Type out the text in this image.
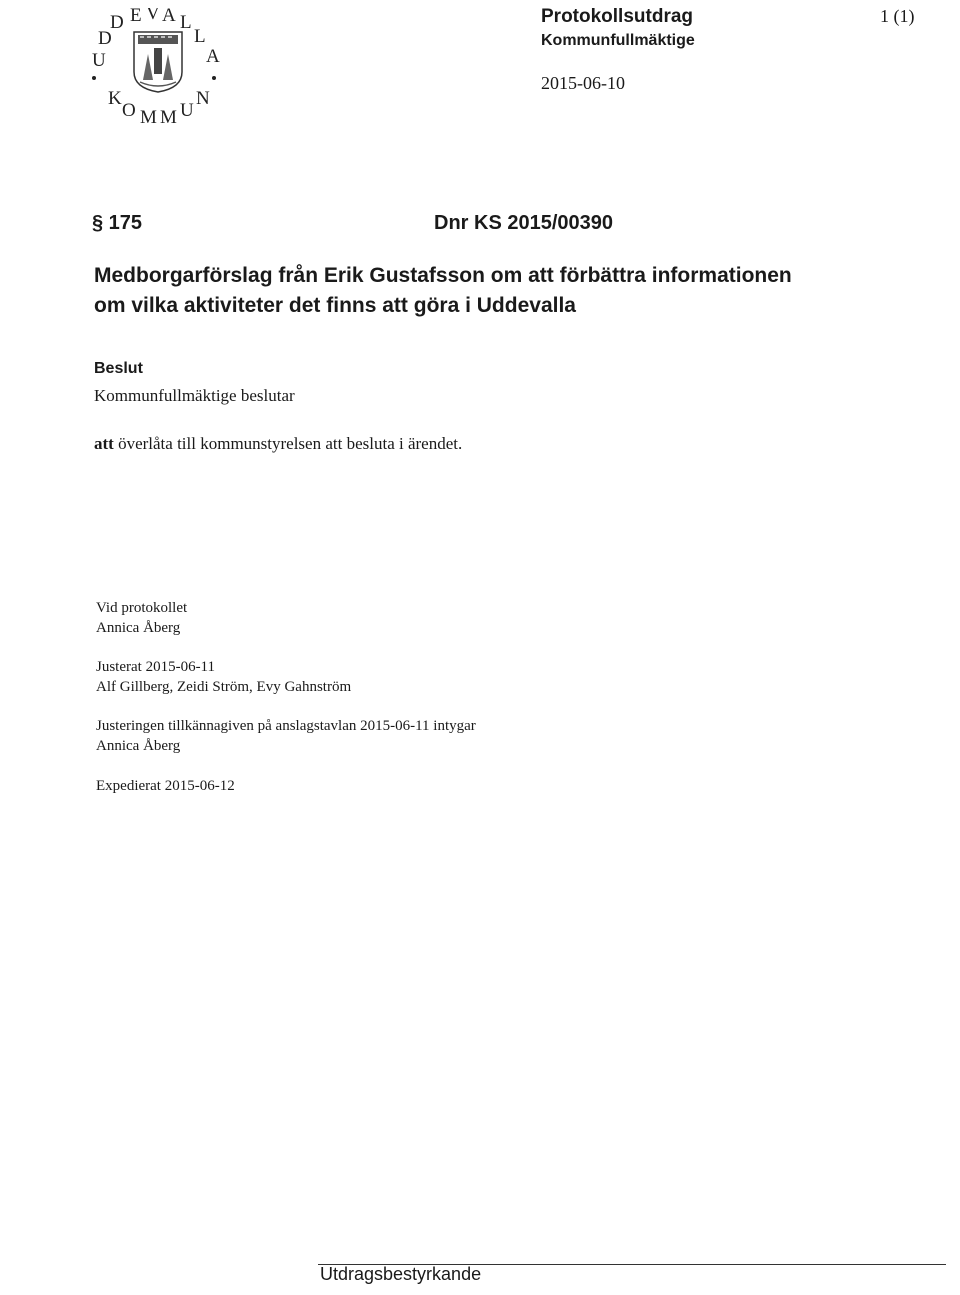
U
D
D E V A L
L
A
K
O M M U
N
Protokollsutdrag
Kommunfullmäktige
1 (1)
2015-06-10
§ 175	Dnr KS 2015/00390
Medborgarförslag från Erik Gustafsson om att förbättra informationen
om vilka aktiviteter det finns att göra i Uddevalla
Beslut
Kommunfullmäktige beslutar
att överlåta till kommunstyrelsen att besluta i ärendet.
Vid protokollet
Annica Åberg
Justerat 2015-06-11
Alf Gillberg, Zeidi Ström, Evy Gahnström
Justeringen tillkännagiven på anslagstavlan 2015-06-11 intygar
Annica Åberg
Expedierat 2015-06-12
Utdragsbestyrkande
